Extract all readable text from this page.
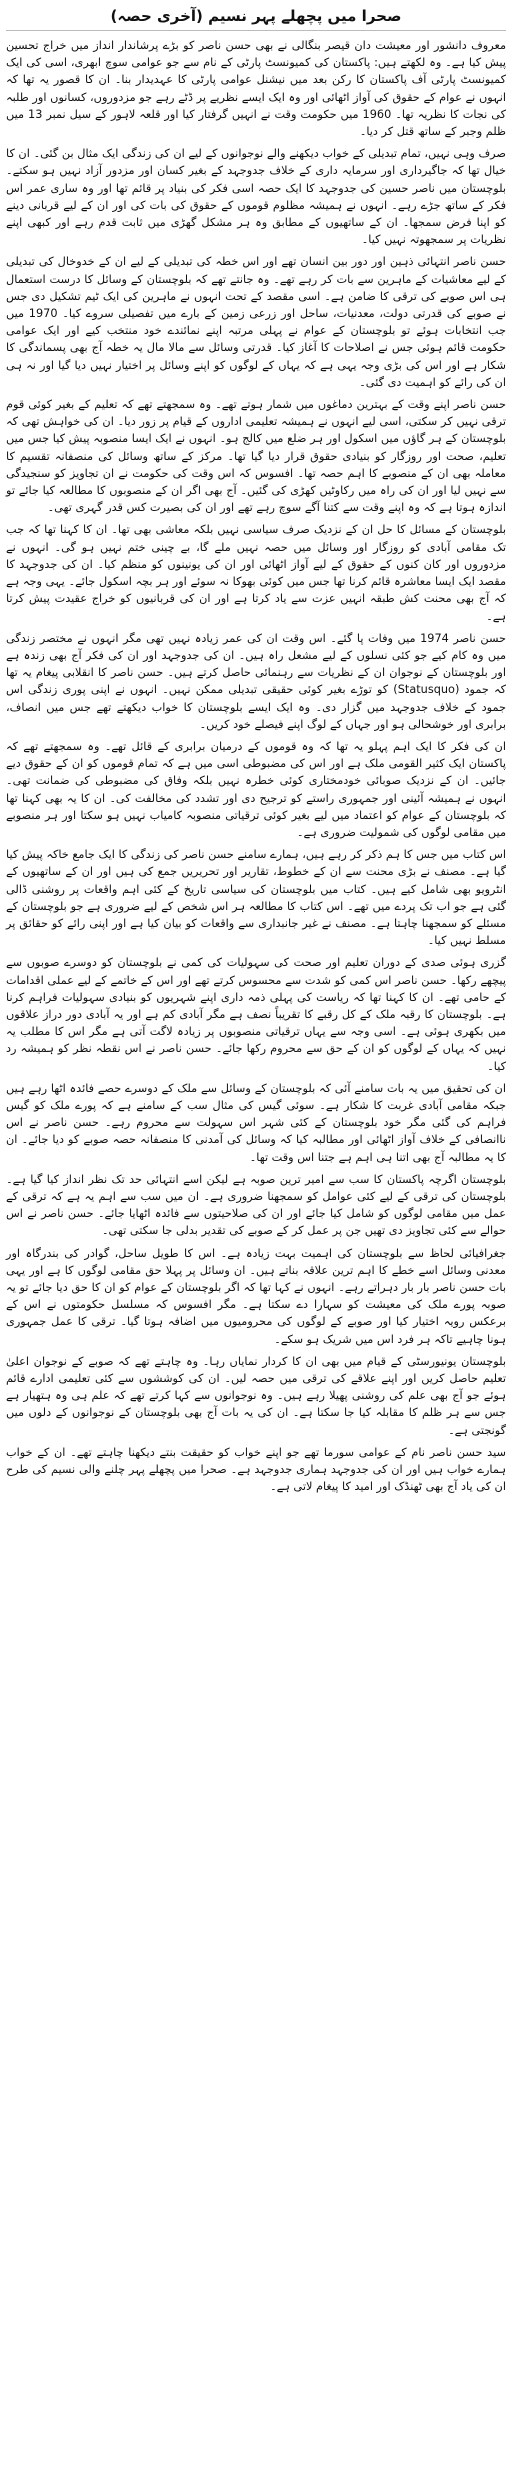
صحرا میں پچھلے پہر نسیم (آخری حصہ)

معروف دانشور اور معیشت دان قیصر بنگالی نے بھی حسن ناصر کو بڑے پرشاندار انداز میں خراج تحسین پیش کیا ہے۔ وہ لکھتے ہیں: پاکستان کی کمیونسٹ پارٹی کے نام سے جو عوامی سوچ ابھری، اسی کی ایک کمیونسٹ پارٹی آف پاکستان کا رکن بعد میں نیشنل عوامی پارٹی کا عہدیدار بنا۔ ان کا قصور یہ تھا کہ انہوں نے عوام کے حقوق کی آواز اٹھائی اور وہ ایک ایسے نظریے پر ڈٹے رہے جو مزدوروں، کسانوں اور طلبہ کی نجات کا نظریہ تھا۔ 1960 میں حکومت وقت نے انہیں گرفتار کیا اور قلعہ لاہور کے سیل نمبر 13 میں ظلم وجبر کے ساتھ قتل کر دیا۔

صرف وہی نہیں، تمام تبدیلی کے خواب دیکھنے والے نوجوانوں کے لیے ان کی زندگی ایک مثال بن گئی۔ ان کا خیال تھا کہ جاگیرداری اور سرمایہ داری کے خلاف جدوجہد کے بغیر کسان اور مزدور آزاد نہیں ہو سکتے۔ بلوچستان میں ناصر حسین کی جدوجہد کا ایک حصہ اسی فکر کی بنیاد پر قائم تھا اور وہ ساری عمر اس فکر کے ساتھ جڑے رہے۔ انہوں نے ہمیشہ مظلوم قوموں کے حقوق کی بات کی اور ان کے لیے قربانی دینے کو اپنا فرض سمجھا۔ ان کے ساتھیوں کے مطابق وہ ہر مشکل گھڑی میں ثابت قدم رہے اور کبھی اپنے نظریات پر سمجھوتہ نہیں کیا۔

حسن ناصر انتہائی ذہین اور دور بین انسان تھے اور اس خطہ کی تبدیلی کے لیے ان کے خدوخال کی تبدیلی کے لیے معاشیات کے ماہرین سے بات کر رہے تھے۔ وہ جانتے تھے کہ بلوچستان کے وسائل کا درست استعمال ہی اس صوبے کی ترقی کا ضامن ہے۔ اسی مقصد کے تحت انہوں نے ماہرین کی ایک ٹیم تشکیل دی جس نے صوبے کی قدرتی دولت، معدنیات، ساحل اور زرعی زمین کے بارے میں تفصیلی سروے کیا۔ 1970 میں جب انتخابات ہوئے تو بلوچستان کے عوام نے پہلی مرتبہ اپنے نمائندے خود منتخب کیے اور ایک عوامی حکومت قائم ہوئی جس نے اصلاحات کا آغاز کیا۔ قدرتی وسائل سے مالا مال یہ خطہ آج بھی پسماندگی کا شکار ہے اور اس کی بڑی وجہ یہی ہے کہ یہاں کے لوگوں کو اپنے وسائل پر اختیار نہیں دیا گیا اور نہ ہی ان کی رائے کو اہمیت دی گئی۔

حسن ناصر اپنے وقت کے بہترین دماغوں میں شمار ہوتے تھے۔ وہ سمجھتے تھے کہ تعلیم کے بغیر کوئی قوم ترقی نہیں کر سکتی، اسی لیے انہوں نے ہمیشہ تعلیمی اداروں کے قیام پر زور دیا۔ ان کی خواہش تھی کہ بلوچستان کے ہر گاؤں میں اسکول اور ہر ضلع میں کالج ہو۔ انہوں نے ایک ایسا منصوبہ پیش کیا جس میں تعلیم، صحت اور روزگار کو بنیادی حقوق قرار دیا گیا تھا۔ مرکز کے ساتھ وسائل کی منصفانہ تقسیم کا معاملہ بھی ان کے منصوبے کا اہم حصہ تھا۔ افسوس کہ اس وقت کی حکومت نے ان تجاویز کو سنجیدگی سے نہیں لیا اور ان کی راہ میں رکاوٹیں کھڑی کی گئیں۔ آج بھی اگر ان کے منصوبوں کا مطالعہ کیا جائے تو اندازہ ہوتا ہے کہ وہ اپنے وقت سے کتنا آگے سوچ رہے تھے اور ان کی بصیرت کس قدر گہری تھی۔

بلوچستان کے مسائل کا حل ان کے نزدیک صرف سیاسی نہیں بلکہ معاشی بھی تھا۔ ان کا کہنا تھا کہ جب تک مقامی آبادی کو روزگار اور وسائل میں حصہ نہیں ملے گا، بے چینی ختم نہیں ہو گی۔ انہوں نے مزدوروں اور کان کنوں کے حقوق کے لیے آواز اٹھائی اور ان کی یونینوں کو منظم کیا۔ ان کی جدوجہد کا مقصد ایک ایسا معاشرہ قائم کرنا تھا جس میں کوئی بھوکا نہ سوئے اور ہر بچہ اسکول جائے۔ یہی وجہ ہے کہ آج بھی محنت کش طبقہ انہیں عزت سے یاد کرتا ہے اور ان کی قربانیوں کو خراج عقیدت پیش کرتا ہے۔

حسن ناصر 1974 میں وفات پا گئے۔ اس وقت ان کی عمر زیادہ نہیں تھی مگر انہوں نے مختصر زندگی میں وہ کام کیے جو کئی نسلوں کے لیے مشعل راہ ہیں۔ ان کی جدوجہد اور ان کی فکر آج بھی زندہ ہے اور بلوچستان کے نوجوان ان کے نظریات سے رہنمائی حاصل کرتے ہیں۔ حسن ناصر کا انقلابی پیغام یہ تھا کہ جمود (Statusquo) کو توڑے بغیر کوئی حقیقی تبدیلی ممکن نہیں۔ انہوں نے اپنی پوری زندگی اس جمود کے خلاف جدوجہد میں گزار دی۔ وہ ایک ایسے بلوچستان کا خواب دیکھتے تھے جس میں انصاف، برابری اور خوشحالی ہو اور جہاں کے لوگ اپنے فیصلے خود کریں۔

ان کی فکر کا ایک اہم پہلو یہ تھا کہ وہ قوموں کے درمیان برابری کے قائل تھے۔ وہ سمجھتے تھے کہ پاکستان ایک کثیر القومی ملک ہے اور اس کی مضبوطی اسی میں ہے کہ تمام قوموں کو ان کے حقوق دیے جائیں۔ ان کے نزدیک صوبائی خودمختاری کوئی خطرہ نہیں بلکہ وفاق کی مضبوطی کی ضمانت تھی۔ انہوں نے ہمیشہ آئینی اور جمہوری راستے کو ترجیح دی اور تشدد کی مخالفت کی۔ ان کا یہ بھی کہنا تھا کہ بلوچستان کے عوام کو اعتماد میں لیے بغیر کوئی ترقیاتی منصوبہ کامیاب نہیں ہو سکتا اور ہر منصوبے میں مقامی لوگوں کی شمولیت ضروری ہے۔

اس کتاب میں جس کا ہم ذکر کر رہے ہیں، ہمارے سامنے حسن ناصر کی زندگی کا ایک جامع خاکہ پیش کیا گیا ہے۔ مصنف نے بڑی محنت سے ان کے خطوط، تقاریر اور تحریریں جمع کی ہیں اور ان کے ساتھیوں کے انٹرویو بھی شامل کیے ہیں۔ کتاب میں بلوچستان کی سیاسی تاریخ کے کئی اہم واقعات پر روشنی ڈالی گئی ہے جو اب تک پردے میں تھے۔ اس کتاب کا مطالعہ ہر اس شخص کے لیے ضروری ہے جو بلوچستان کے مسئلے کو سمجھنا چاہتا ہے۔ مصنف نے غیر جانبداری سے واقعات کو بیان کیا ہے اور اپنی رائے کو حقائق پر مسلط نہیں کیا۔

گزری ہوئی صدی کے دوران تعلیم اور صحت کی سہولیات کی کمی نے بلوچستان کو دوسرے صوبوں سے پیچھے رکھا۔ حسن ناصر اس کمی کو شدت سے محسوس کرتے تھے اور اس کے خاتمے کے لیے عملی اقدامات کے حامی تھے۔ ان کا کہنا تھا کہ ریاست کی پہلی ذمہ داری اپنے شہریوں کو بنیادی سہولیات فراہم کرنا ہے۔ بلوچستان کا رقبہ ملک کے کل رقبے کا تقریباً نصف ہے مگر آبادی کم ہے اور یہ آبادی دور دراز علاقوں میں بکھری ہوئی ہے۔ اسی وجہ سے یہاں ترقیاتی منصوبوں پر زیادہ لاگت آتی ہے مگر اس کا مطلب یہ نہیں کہ یہاں کے لوگوں کو ان کے حق سے محروم رکھا جائے۔ حسن ناصر نے اس نقطہ نظر کو ہمیشہ رد کیا۔

ان کی تحقیق میں یہ بات سامنے آئی کہ بلوچستان کے وسائل سے ملک کے دوسرے حصے فائدہ اٹھا رہے ہیں جبکہ مقامی آبادی غربت کا شکار ہے۔ سوئی گیس کی مثال سب کے سامنے ہے کہ پورے ملک کو گیس فراہم کی گئی مگر خود بلوچستان کے کئی شہر اس سہولت سے محروم رہے۔ حسن ناصر نے اس ناانصافی کے خلاف آواز اٹھائی اور مطالبہ کیا کہ وسائل کی آمدنی کا منصفانہ حصہ صوبے کو دیا جائے۔ ان کا یہ مطالبہ آج بھی اتنا ہی اہم ہے جتنا اس وقت تھا۔

بلوچستان اگرچہ پاکستان کا سب سے امیر ترین صوبہ ہے لیکن اسے انتہائی حد تک نظر انداز کیا گیا ہے۔ بلوچستان کی ترقی کے لیے کئی عوامل کو سمجھنا ضروری ہے۔ ان میں سب سے اہم یہ ہے کہ ترقی کے عمل میں مقامی لوگوں کو شامل کیا جائے اور ان کی صلاحیتوں سے فائدہ اٹھایا جائے۔ حسن ناصر نے اس حوالے سے کئی تجاویز دی تھیں جن پر عمل کر کے صوبے کی تقدیر بدلی جا سکتی تھی۔

جغرافیائی لحاظ سے بلوچستان کی اہمیت بہت زیادہ ہے۔ اس کا طویل ساحل، گوادر کی بندرگاہ اور معدنی وسائل اسے خطے کا اہم ترین علاقہ بناتے ہیں۔ ان وسائل پر پہلا حق مقامی لوگوں کا ہے اور یہی بات حسن ناصر بار بار دہراتے رہے۔ انہوں نے کہا تھا کہ اگر بلوچستان کے عوام کو ان کا حق دیا جائے تو یہ صوبہ پورے ملک کی معیشت کو سہارا دے سکتا ہے۔ مگر افسوس کہ مسلسل حکومتوں نے اس کے برعکس رویہ اختیار کیا اور صوبے کے لوگوں کی محرومیوں میں اضافہ ہوتا گیا۔ ترقی کا عمل جمہوری ہونا چاہیے تاکہ ہر فرد اس میں شریک ہو سکے۔

بلوچستان یونیورسٹی کے قیام میں بھی ان کا کردار نمایاں رہا۔ وہ چاہتے تھے کہ صوبے کے نوجوان اعلیٰ تعلیم حاصل کریں اور اپنے علاقے کی ترقی میں حصہ لیں۔ ان کی کوششوں سے کئی تعلیمی ادارے قائم ہوئے جو آج بھی علم کی روشنی پھیلا رہے ہیں۔ وہ نوجوانوں سے کہا کرتے تھے کہ علم ہی وہ ہتھیار ہے جس سے ہر ظلم کا مقابلہ کیا جا سکتا ہے۔ ان کی یہ بات آج بھی بلوچستان کے نوجوانوں کے دلوں میں گونجتی ہے۔

سید حسن ناصر نام کے عوامی سورما تھے جو اپنے خواب کو حقیقت بنتے دیکھنا چاہتے تھے۔ ان کے خواب ہمارے خواب ہیں اور ان کی جدوجہد ہماری جدوجہد ہے۔ صحرا میں پچھلے پہر چلنے والی نسیم کی طرح ان کی یاد آج بھی ٹھنڈک اور امید کا پیغام لاتی ہے۔
